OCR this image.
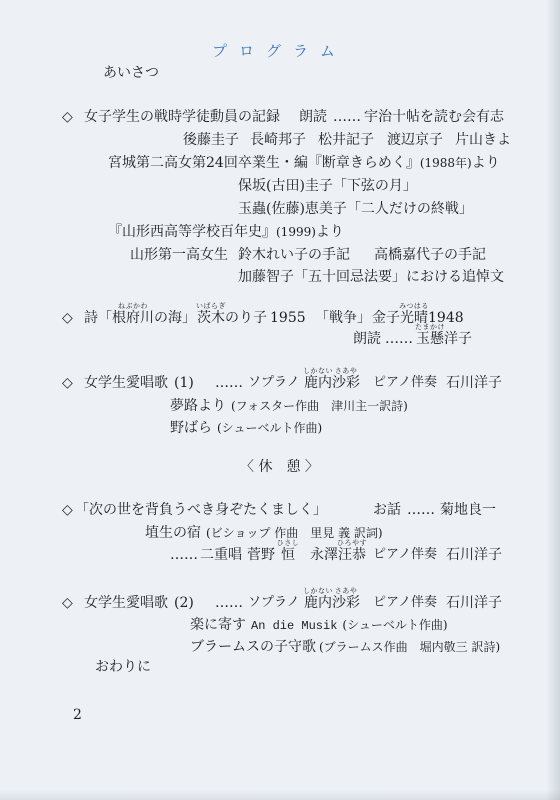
プログラム
あいさつ
◇ 女子学生の戦時学徒動員の記録 朗読 …… 宇治十帖を読む会有志
後藤圭子 長崎邦子 松井記子 渡辺京子 片山きよ
宮城第二高女第24回卒業生・編『断章きらめく』(1988年)より
保坂(古田)圭子「下弦の月」
玉蟲(佐藤)恵美子「二人だけの終戦」
『山形西高等学校百年史』(1999)より
山形第一高女生 鈴木れい子の手記 高橋嘉代子の手記
加藤智子「五十回忌法要」における追悼文
◇ 詩 「根府川
ねぶかわ
の海」 茨木
いばらぎ
のり子 1955 「戦争」 金子光晴
みつはる
1948
朗読 …… 玉懸
たまかけ
洋子
◇ 女学生愛唱歌 (1) …… ソプラノ 鹿内
しかない
沙彩
さあや
ピアノ伴奏 石川洋子
夢路より (フォスター作曲　津川主一訳詩)
野ばら (シューベルト作曲)
〈 休　憩 〉
◇ 「次の世を背負うべき身ぞたくましく」	お話 …… 菊地良一
埴生の宿 (ビショップ 作曲　里見 義 訳詞)
…… 二重唱 菅野 恒
ひさし
永澤汪恭
ひろやす
ピアノ伴奏 石川洋子
◇ 女学生愛唱歌 (2) …… ソプラノ 鹿内
しかない
沙彩
さあや
ピアノ伴奏 石川洋子
楽に寄す An die Musik (シューベルト作曲)
ブラームスの子守歌 (ブラームス作曲　堀内敬三 訳詩)
おわりに
2
